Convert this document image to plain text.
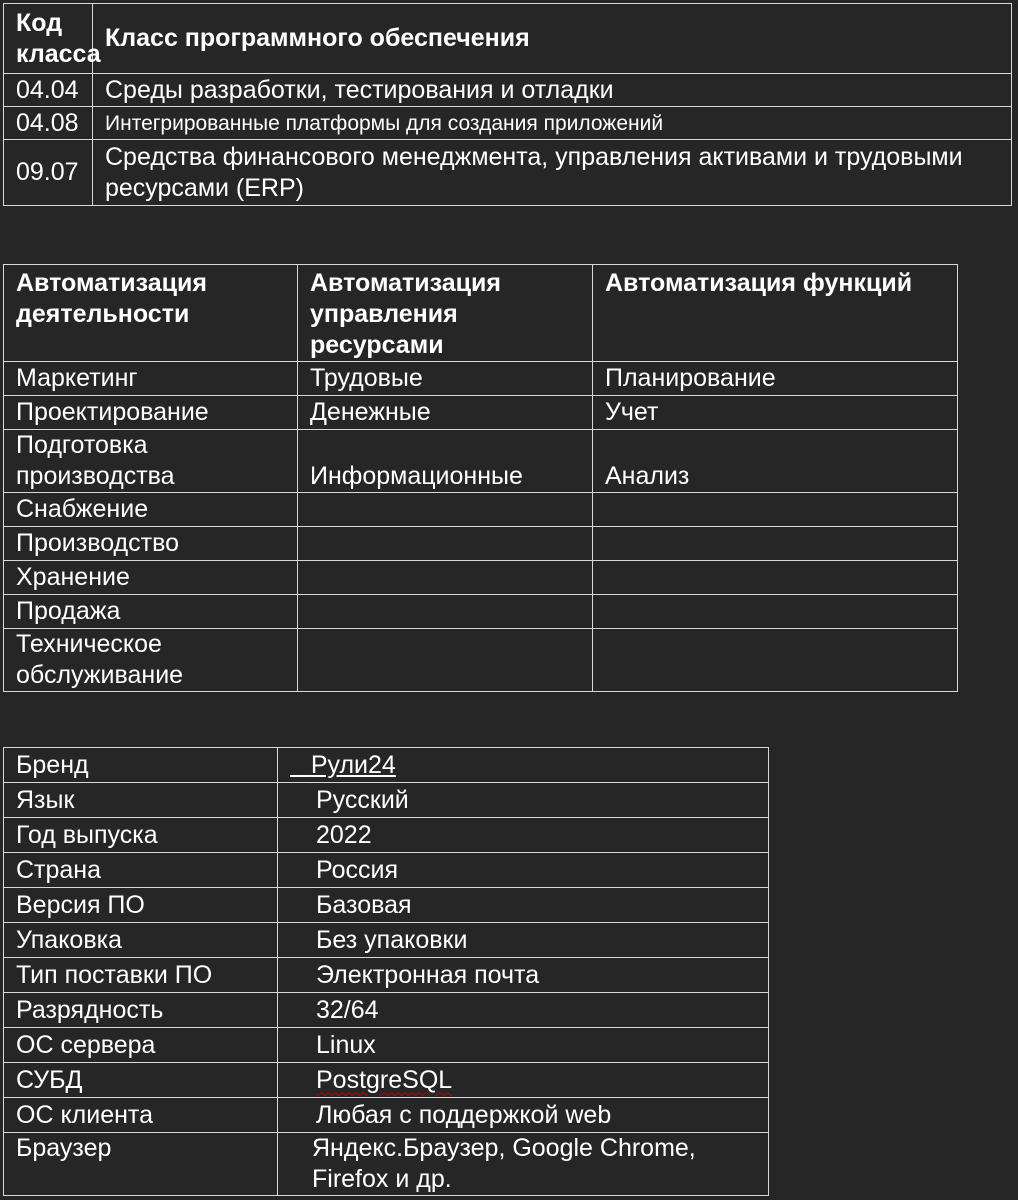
Код класса	Класс программного обеспечения
04.04	Среды разработки, тестирования и отладки
04.08	Интегрированные платформы для создания приложений
09.07	Средства финансового менеджмента, управления активами и трудовыми ресурсами (ERP)
Автоматизация деятельности	Автоматизация управления ресурсами	Автоматизация функций
Маркетинг	Трудовые	Планирование
Проектирование	Денежные	Учет
Подготовка производства	Информационные	Анализ
Снабжение		
Производство		
Хранение		
Продажа		
Техническое обслуживание		
Бренд	Рули24
Язык	Русский
Год выпуска	2022
Страна	Россия
Версия ПО	Базовая
Упаковка	Без упаковки
Тип поставки ПО	Электронная почта
Разрядность	32/64
ОС сервера	Linux
СУБД	PostgreSQL
ОС клиента	Любая с поддержкой web
Браузер	Яндекс.Браузер, Google Chrome, Firefox и др.
